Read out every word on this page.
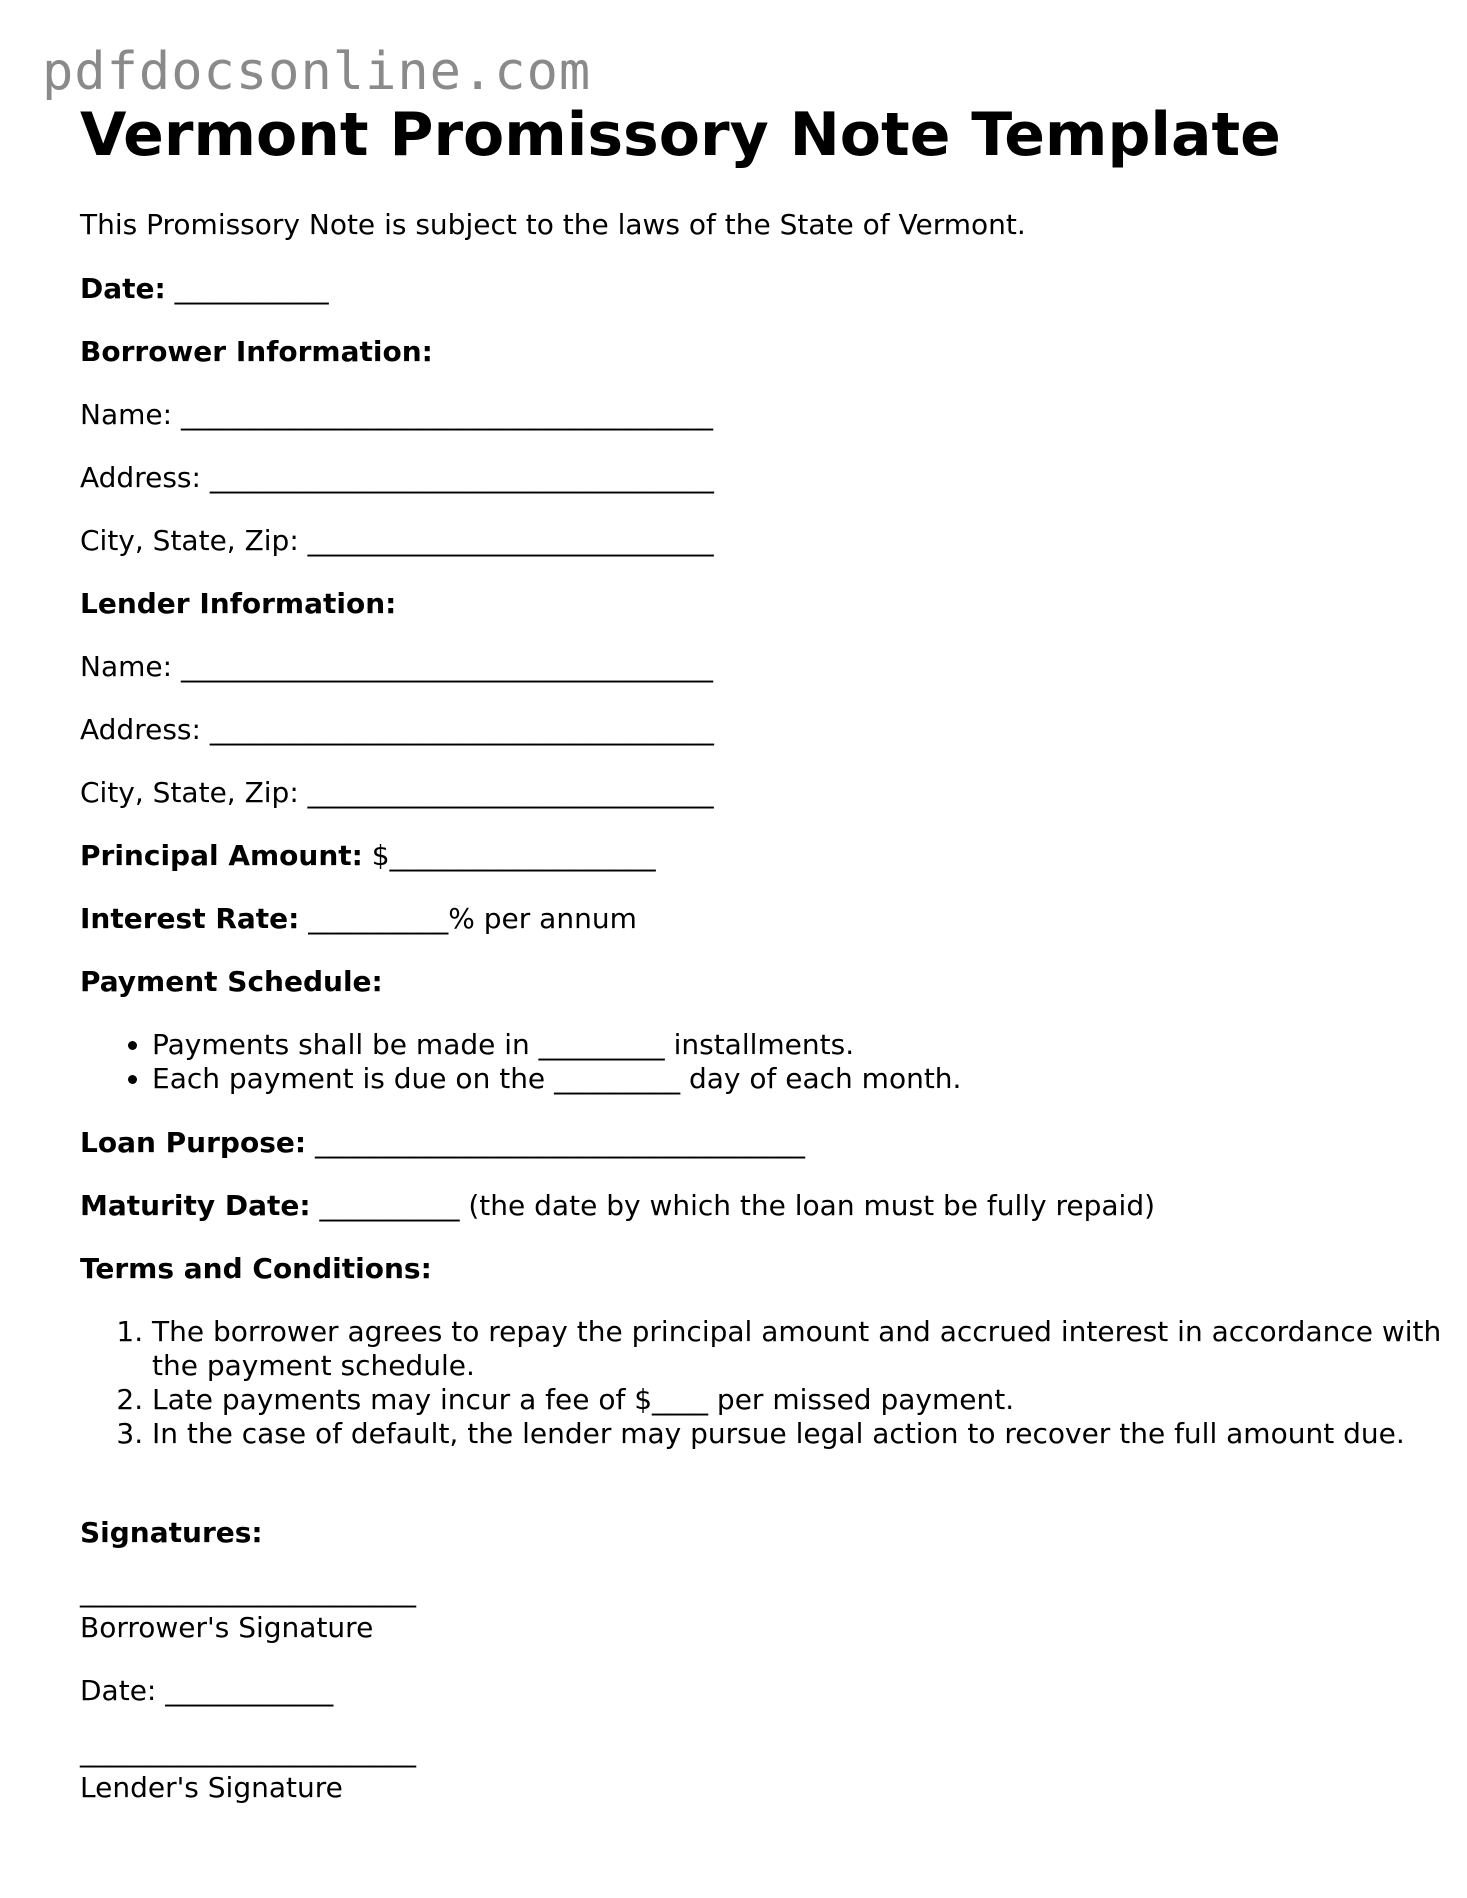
pdfdocsonline.com
Vermont Promissory Note Template

This Promissory Note is subject to the laws of the State of Vermont.

Date: ___________

Borrower Information:

Name: ______________________________________

Address: ____________________________________

City, State, Zip: _____________________________

Lender Information:

Name: ______________________________________

Address: ____________________________________

City, State, Zip: _____________________________

Principal Amount: $___________________

Interest Rate: __________% per annum

Payment Schedule:

• Payments shall be made in _________ installments.
• Each payment is due on the _________ day of each month.

Loan Purpose: ___________________________________

Maturity Date: __________ (the date by which the loan must be fully repaid)

Terms and Conditions:

1. The borrower agrees to repay the principal amount and accrued interest in accordance with the payment schedule.
2. Late payments may incur a fee of $____ per missed payment.
3. In the case of default, the lender may pursue legal action to recover the full amount due.

Signatures:

________________________

Borrower's Signature

Date: ____________

________________________

Lender's Signature
